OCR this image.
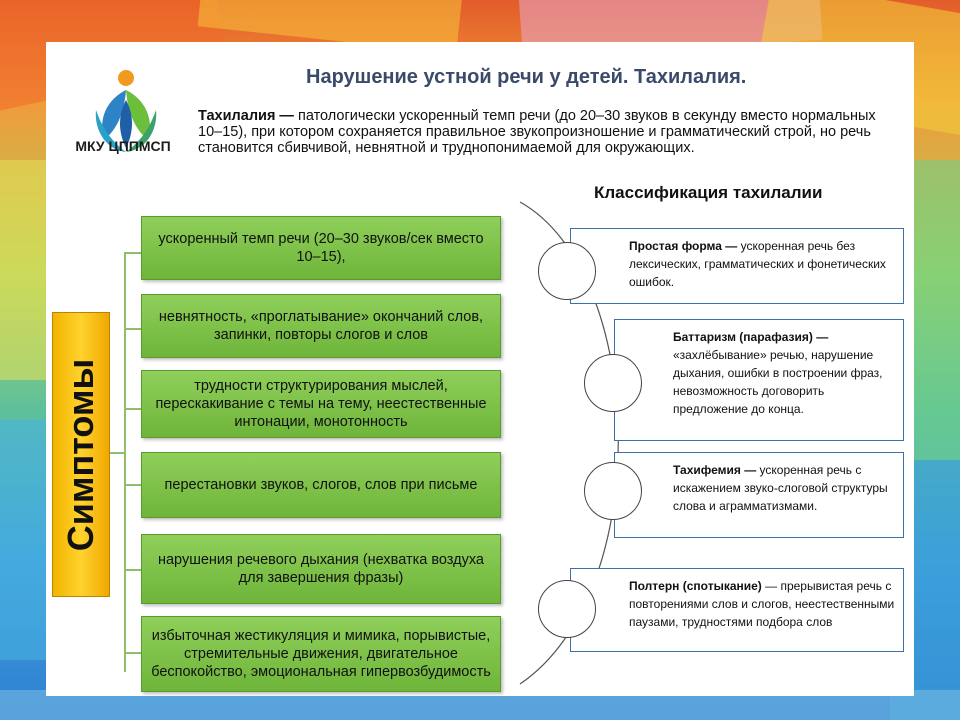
МКУ ЦППМСП
Нарушение устной речи у детей. Тахилалия.
Тахилалия — патологически ускоренный темп речи (до 20–30 звуков в секунду вместо нормальных 10–15), при котором сохраняется правильное звукопроизношение и грамматический строй, но речь становится сбивчивой, невнятной и труднопонимаемой для окружающих.
Классификация тахилалии
Симптомы
ускоренный темп речи (20–30 звуков/сек вместо 10–15),
невнятность, «проглатывание» окончаний слов, запинки, повторы слогов и слов
трудности структурирования мыслей, перескакивание с темы на тему, неестественные интонации, монотонность
перестановки звуков, слогов, слов при письме
нарушения речевого дыхания (нехватка воздуха для завершения фразы)
избыточная жестикуляция и мимика, порывистые, стремительные движения, двигательное беспокойство, эмоциональная гипервозбудимость
Простая форма — ускоренная речь без лексических, грамматических и фонетических ошибок.
Баттаризм (парафазия) — «захлёбывание» речью, нарушение дыхания, ошибки в построении фраз, невозможность договорить предложение до конца.
Тахифемия — ускоренная речь с искажением звуко-слоговой структуры слова и аграмматизмами.
Полтерн (спотыкание) — прерывистая речь с повторениями слов и слогов, неестественными паузами, трудностями подбора слов
